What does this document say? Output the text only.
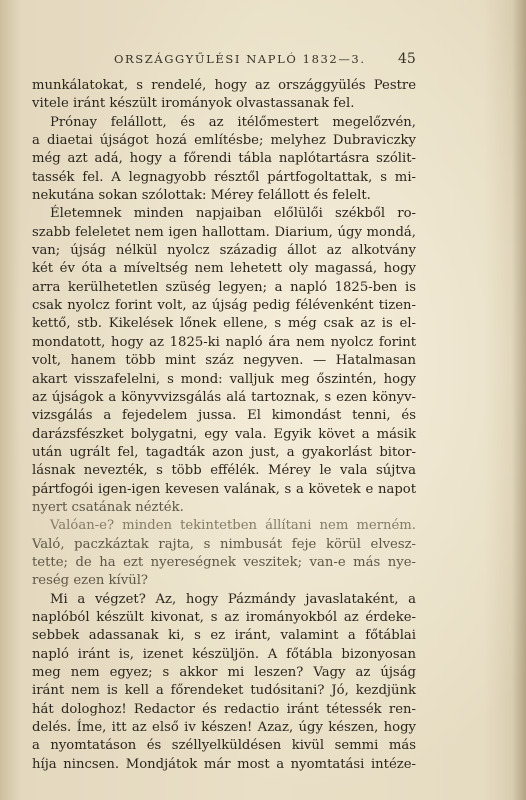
ORSZÁGGYŰLÉSI NAPLÓ 1832—3. 45
munkálatokat, s rendelé, hogy az országgyülés Pestre
vitele iránt készült irományok olvastassanak fel.
Prónay felállott, és az itélőmestert megelőzvén,
a diaetai újságot hozá említésbe; melyhez Dubraviczky
még azt adá, hogy a főrendi tábla naplótartásra szólit-
tassék fel. A legnagyobb résztől pártfogoltattak, s mi-
nekutána sokan szólottak: Mérey felállott és felelt.
Életemnek minden napjaiban előlülői székből ro-
szabb feleletet nem igen hallottam. Diarium, úgy mondá,
van; újság nélkül nyolcz századig állot az alkotvány
két év óta a míveltség nem lehetett oly magassá, hogy
arra kerülhetetlen szüség legyen; a napló 1825-ben is
csak nyolcz forint volt, az újság pedig félévenként tizen-
kettő, stb. Kikelések lőnek ellene, s még csak az is el-
mondatott, hogy az 1825-ki napló ára nem nyolcz forint
volt, hanem több mint száz negyven. — Hatalmasan
akart visszafelelni, s mond: valljuk meg őszintén, hogy
az újságok a könyvvizsgálás alá tartoznak, s ezen könyv-
vizsgálás a fejedelem jussa. El kimondást tenni, és
darázsfészket bolygatni, egy vala. Egyik követ a másik
után ugrált fel, tagadták azon just, a gyakorlást bitor-
lásnak nevezték, s több effélék. Mérey le vala sújtva
pártfogói igen-igen kevesen valának, s a követek e napot
nyert csatának nézték.
Valóan-e? minden tekintetben állítani nem merném.
Való, paczkáztak rajta, s nimbusát feje körül elvesz-
tette; de ha ezt nyereségnek veszitek; van-e más nye-
reség ezen kívül?
Mi a végzet? Az, hogy Pázmándy javaslataként, a
naplóból készült kivonat, s az irományokból az érdeke-
sebbek adassanak ki, s ez iránt, valamint a főtáblai
napló iránt is, izenet készüljön. A főtábla bizonyosan
meg nem egyez; s akkor mi leszen? Vagy az újság
iránt nem is kell a főrendeket tudósitani? Jó, kezdjünk
hát dologhoz! Redactor és redactio iránt tétessék ren-
delés. Íme, itt az első iv készen! Azaz, úgy készen, hogy
a nyomtatáson és széllyelküldésen kivül semmi más
híja nincsen. Mondjátok már most a nyomtatási intéze-
